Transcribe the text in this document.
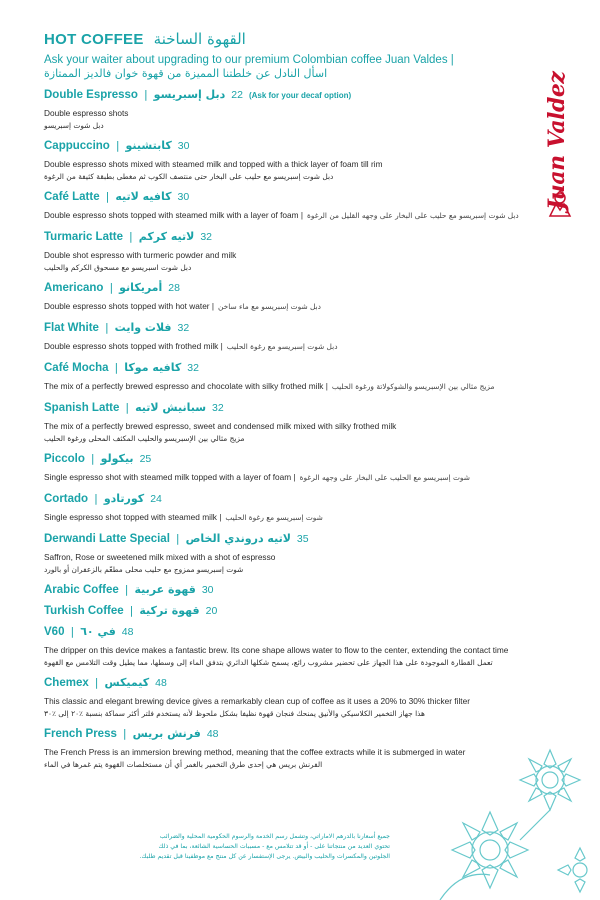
HOT COFFEE القهوة الساخنة
Ask your waiter about upgrading to our premium Colombian coffee Juan Valdes |
اسأل النادل عن خلطتنا المميزة من قهوة خوان فالديز الممتازة
Double Espresso | دبل إسبريسو 22 (Ask for your decaf option)
Double espresso shots
دبل شوت إسبريسو
Cappuccino | كابتشينو 30
Double espresso shots mixed with steamed milk and topped with a thick layer of foam till rim
دبل شوت إسبريسو مع حليب على البخار حتى منتصف الكوب ثم مغطى بطبقة كثيفة من الرغوة
Café Latte | كافيه لاتيه 30
Double espresso shots topped with steamed milk with a layer of foam | دبل شوت إسبريسو مع حليب على البخار على وجهه القليل من الرغوة
Turmaric Latte | لاتيه كركم 32
Double shot espresso with turmeric powder and milk
دبل شوت اسبريسو مع مسحوق الكركم والحليب
Americano | أمريكانو 28
Double espresso shots topped with hot water | دبل شوت إسبريسو مع ماء ساخن
Flat White | فلات وايت 32
Double espresso shots topped with frothed milk | دبل شوت إسبريسو مع رغوة الحليب
Café Mocha | كافيه موكا 32
The mix of a perfectly brewed espresso and chocolate with silky frothed milk | مزيج مثالي بين الإسبريسو والشوكولاتة ورغوة الحليب
Spanish Latte | سبانيش لاتيه 32
The mix of a perfectly brewed espresso, sweet and condensed milk mixed with silky frothed milk
مزيج مثالي بين الإسبريسو والحليب المكثف المحلى ورغوة الحليب
Piccolo | بيكولو 25
Single espresso shot with steamed milk topped with a layer of foam | شوت إسبريسو مع الحليب على البخار على وجهه الرغوة
Cortado | كورتادو 24
Single espresso shot topped with steamed milk | شوت إسبريسو مع رغوة الحليب
Derwandi Latte Special | لاتيه دروندي الخاص 35
Saffron, Rose or sweetened milk mixed with a shot of espresso
شوت إسبريسو ممزوج مع حليب محلى مطعّم بالزعفران أو بالورد
Arabic Coffee | قهوة عربية 30
Turkish Coffee | قهوة تركية 20
V60 | في ٦٠ 48
The dripper on this device makes a fantastic brew. Its cone shape allows water to flow to the center, extending the contact time
تعمل القطارة الموجودة على هذا الجهاز على تحضير مشروب رائع، يسمح شكلها الدائري بتدفق الماء إلى وسطها، مما يطيل وقت التلامس مع القهوة
Chemex | كيميكس 48
This classic and elegant brewing device gives a remarkably clean cup of coffee as it uses a 20% to 30% thicker filter
هذا جهاز التخمير الكلاسيكي والأنيق يمنحك فنجان قهوة نظيفا بشكل ملحوظ لأنه يستخدم فلتر أكثر سماكة بنسبة ٪٢٠ إلى ٪٣٠
French Press | فرنش بريس 48
The French Press is an immersion brewing method, meaning that the coffee extracts while it is submerged in water
الفرنش بريس هي إحدى طرق التخمير بالغمر أي أن مستخلصات القهوة يتم غمرها في الماء
Juan Valdez

جميع أسعارنا بالدرهم الاماراتي، وتشمل رسم الخدمة والرسوم الحكومية المحلية والضرائب

تحتوي العديد من منتجاتنا على - أو قد تتلامس مع - مسببات الحساسية الشائعة، بما في ذلك

الجلوتين والمكسرات والحليب والبيض. يرجى الإستفسار عن كل منتج مع موظفينا قبل تقديم طلبك.
